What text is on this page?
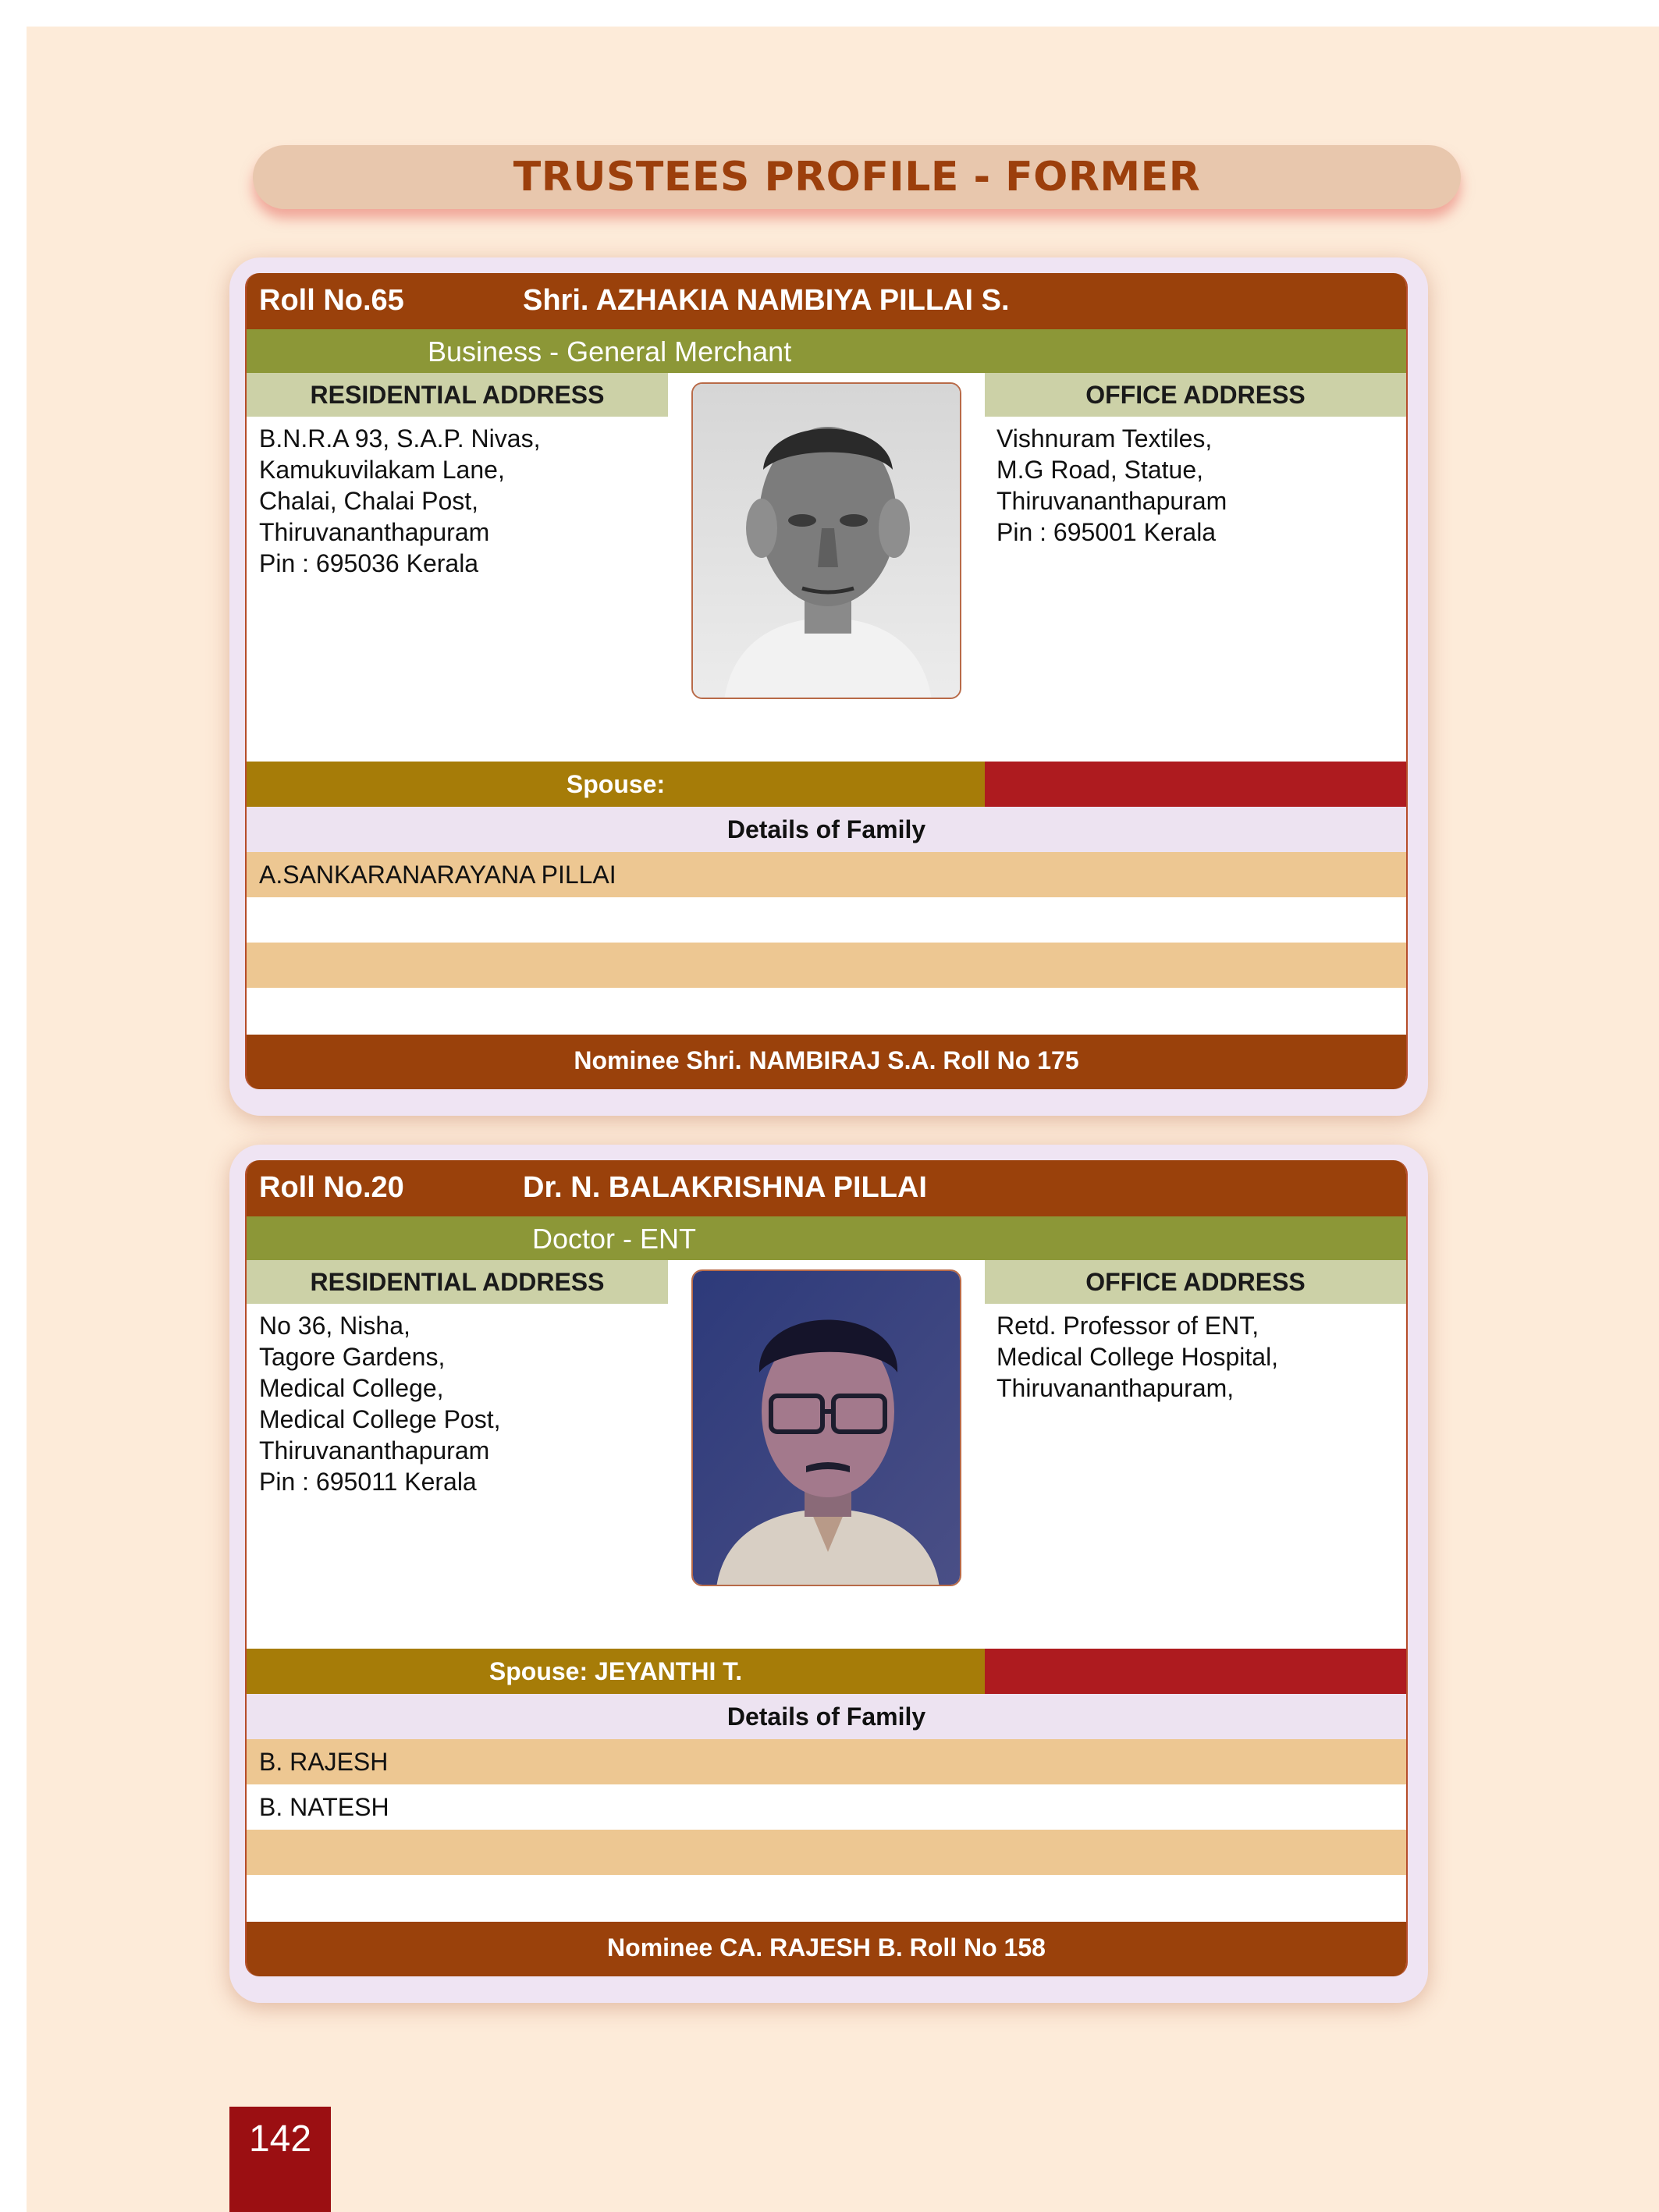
TRUSTEES PROFILE - FORMER
Roll No.65	Shri. AZHAKIA NAMBIYA PILLAI S.
Business - General Merchant
RESIDENTIAL ADDRESS	OFFICE ADDRESS
B.N.R.A 93, S.A.P. Nivas,
Kamukuvilakam Lane,
Chalai, Chalai Post,
Thiruvananthapuram
Pin : 695036 Kerala
Vishnuram Textiles,
M.G Road, Statue,
Thiruvananthapuram
Pin : 695001 Kerala
Spouse:
Details of Family
A.SANKARANARAYANA PILLAI
Nominee Shri. NAMBIRAJ S.A. Roll No 175
Roll No.20	Dr. N. BALAKRISHNA PILLAI
Doctor - ENT
RESIDENTIAL ADDRESS	OFFICE ADDRESS
No 36, Nisha,
Tagore Gardens,
Medical College,
Medical College Post,
Thiruvananthapuram
Pin : 695011 Kerala
Retd. Professor of ENT,
Medical College Hospital,
Thiruvananthapuram,
Spouse: JEYANTHI T.
Details of Family
B. RAJESH
B. NATESH
Nominee CA. RAJESH B. Roll No 158
142
